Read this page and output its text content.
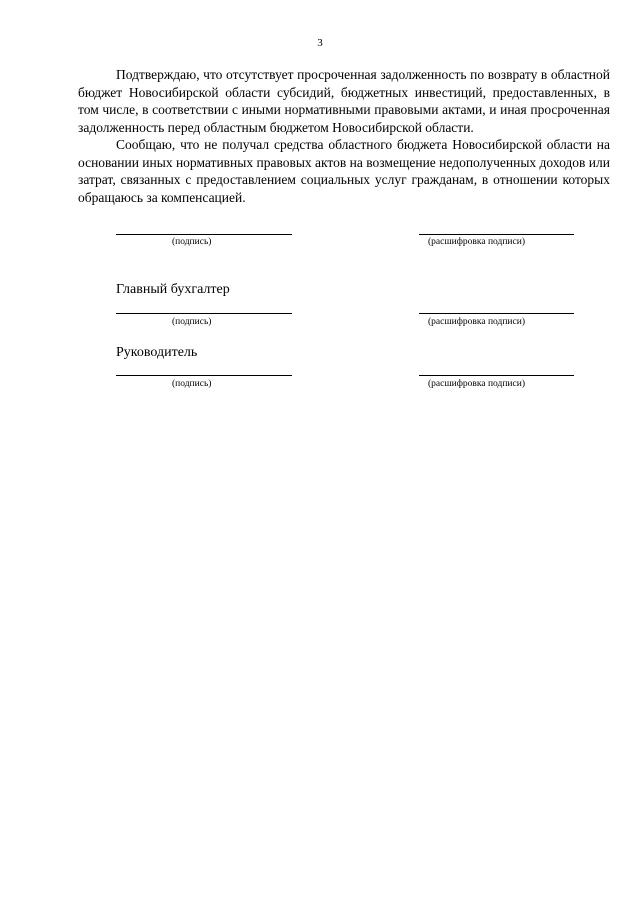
3

Подтверждаю, что отсутствует просроченная задолженность по возврату в областной бюджет Новосибирской области субсидий, бюджетных инвестиций, предоставленных, в том числе, в соответствии с иными нормативными правовыми актами, и иная просроченная задолженность перед областным бюджетом Новосибирской области.

Сообщаю, что не получал средства областного бюджета Новосибирской области на основании иных нормативных правовых актов на возмещение недополученных доходов или затрат, связанных с предоставлением социальных услуг гражданам, в отношении которых обращаюсь за компенсацией.

(подпись)	(расшифровка подписи)
Главный бухгалтер
(подпись)	(расшифровка подписи)
Руководитель
(подпись)	(расшифровка подписи)
